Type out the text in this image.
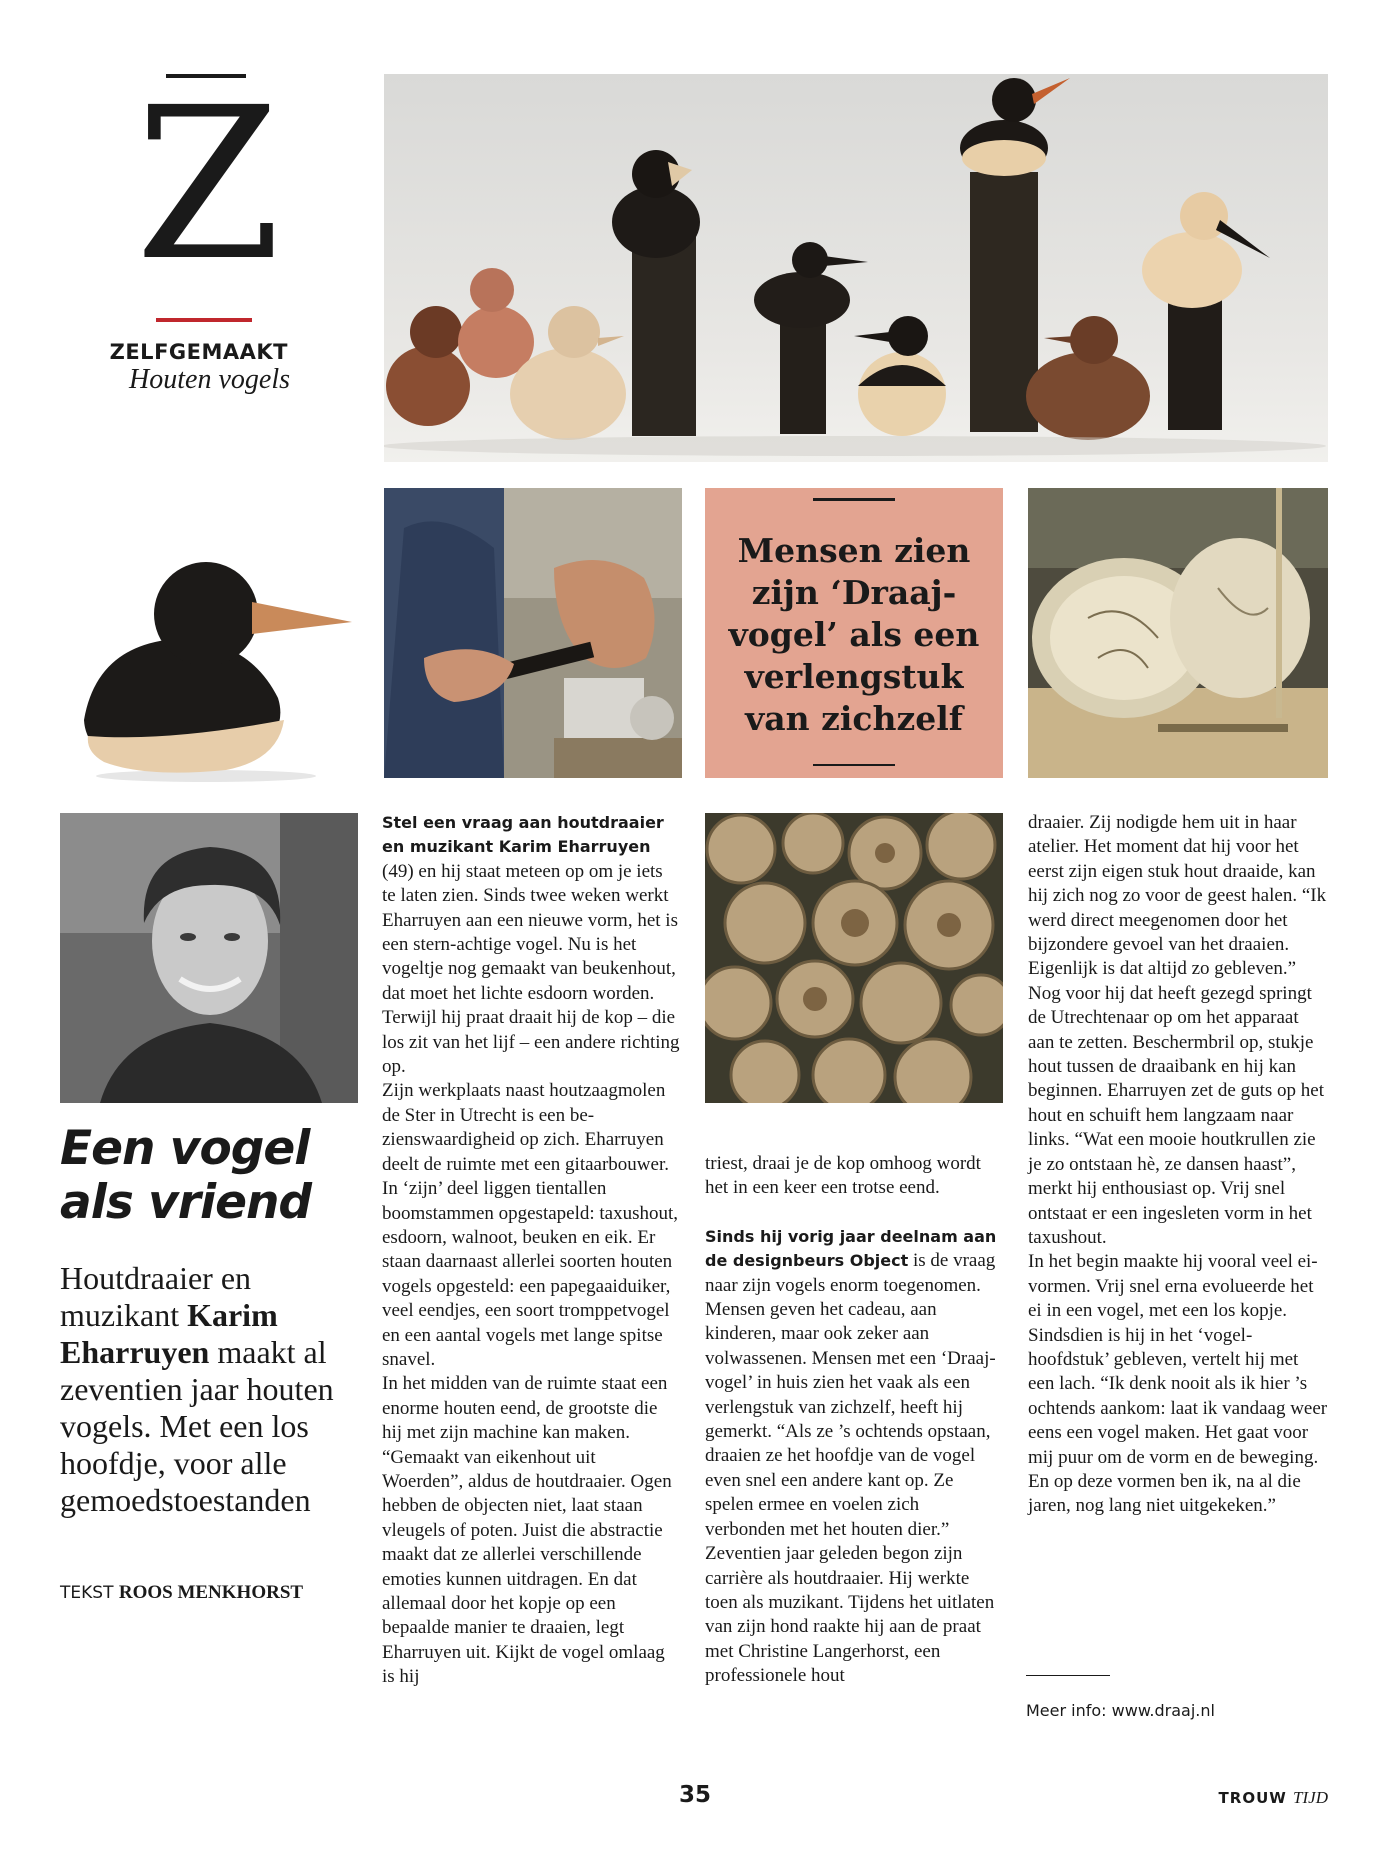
Z
ZELFGEMAAKT
Houten vogels
Mensen zien
zijn ‘Draaj-
vogel’ als een
verlengstuk
van zichzelf
Een vogel
als vriend
Houtdraaier en muzikant Karim Eharruyen maakt al zeventien jaar houten vogels. Met een los hoofdje, voor alle gemoedstoestanden
TEKST ROOS MENKHORST

Stel een vraag aan houtdraaier en muzikant Karim Eharruyen (49) en hij staat meteen op om je iets te laten zien. Sinds twee weken werkt Eharruyen aan een nieuwe vorm, het is een stern-achtige vogel. Nu is het vogeltje nog gemaakt van beukenhout, dat moet het lichte esdoorn worden. Terwijl hij praat draait hij de kop – die los zit van het lijf – een andere richting op.

Zijn werkplaats naast houtzaagmolen de Ster in Utrecht is een bezienswaardigheid op zich. Eharruyen deelt de ruimte met een gitaarbouwer. In ‘zijn’ deel liggen tientallen boomstammen opgestapeld: taxushout, esdoorn, walnoot, beuken en eik. Er staan daarnaast allerlei soorten houten vogels opgesteld: een papegaaiduiker, veel eendjes, een soort tromppetvogel en een aantal vogels met lange spitse snavel.

In het midden van de ruimte staat een enorme houten eend, de grootste die hij met zijn machine kan maken. “Gemaakt van eikenhout uit Woerden”, aldus de houtdraaier. Ogen hebben de objecten niet, laat staan vleugels of poten. Juist die abstractie maakt dat ze allerlei verschillende emoties kunnen uitdragen. En dat allemaal door het kopje op een bepaalde manier te draaien, legt Eharruyen uit. Kijkt de vogel omlaag is hij

triest, draai je de kop omhoog wordt het in een keer een trotse eend.

Sinds hij vorig jaar deelnam aan de designbeurs Object is de vraag naar zijn vogels enorm toegenomen. Mensen geven het cadeau, aan kinderen, maar ook zeker aan volwassenen. Mensen met een ‘Draaj-vogel’ in huis zien het vaak als een verlengstuk van zichzelf, heeft hij gemerkt. “Als ze ’s ochtends opstaan, draaien ze het hoofdje van de vogel even snel een andere kant op. Ze spelen ermee en voelen zich verbonden met het houten dier.”

Zeventien jaar geleden begon zijn carrière als houtdraaier. Hij werkte toen als muzikant. Tijdens het uitlaten van zijn hond raakte hij aan de praat met Christine Langerhorst, een professionele hout

draaier. Zij nodigde hem uit in haar atelier. Het moment dat hij voor het eerst zijn eigen stuk hout draaide, kan hij zich nog zo voor de geest halen. “Ik werd direct meegenomen door het bijzondere gevoel van het draaien. Eigenlijk is dat altijd zo gebleven.”

Nog voor hij dat heeft gezegd springt de Utrechtenaar op om het apparaat aan te zetten. Beschermbril op, stukje hout tussen de draaibank en hij kan beginnen. Eharruyen zet de guts op het hout en schuift hem langzaam naar links. “Wat een mooie houtkrullen zie je zo ontstaan hè, ze dansen haast”, merkt hij enthousiast op. Vrij snel ontstaat er een ingesleten vorm in het taxushout.

In het begin maakte hij vooral veel ei-vormen. Vrij snel erna evolueerde het ei in een vogel, met een los kopje. Sindsdien is hij in het ‘vogel-hoofdstuk’ gebleven, vertelt hij met een lach. “Ik denk nooit als ik hier ’s ochtends aankom: laat ik vandaag weer eens een vogel maken. Het gaat voor mij puur om de vorm en de beweging. En op deze vormen ben ik, na al die jaren, nog lang niet uitgekeken.”

Meer info: www.draaj.nl
35	TROUW TIJD
